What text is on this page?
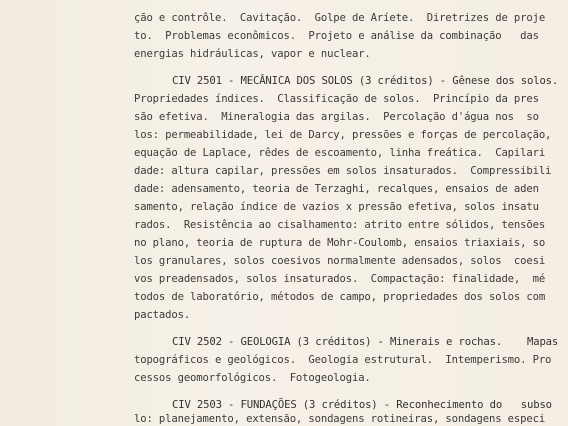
ção e contrôle.  Cavitação.  Golpe de Aríete.  Diretrizes de proje
to.  Problemas econômicos.  Projeto e análise da combinação   das
energias hidráulicas, vapor e nuclear.
CIV 2501 - MECÂNICA DOS SOLOS (3 créditos) - Gênese dos solos.
Propriedades índices.  Classificação de solos.  Princípio da pres
são efetiva.  Mineralogia das argilas.  Percolação d'água nos  so
los: permeabilidade, lei de Darcy, pressões e forças de percolação,
equação de Laplace, rêdes de escoamento, linha freática.  Capilari
dade: altura capilar, pressões em solos insaturados.  Compressibili
dade: adensamento, teoria de Terzaghi, recalques, ensaios de aden
samento, relação índice de vazios x pressão efetiva, solos insatu
rados.  Resistência ao cisalhamento: atrito entre sólidos, tensões
no plano, teoria de ruptura de Mohr-Coulomb, ensaios triaxiais, so
los granulares, solos coesivos normalmente adensados, solos  coesi
vos preadensados, solos insaturados.  Compactação: finalidade,  mé
todos de laboratório, métodos de campo, propriedades dos solos com
pactados.
CIV 2502 - GEOLOGIA (3 créditos) - Minerais e rochas.    Mapas
topográficos e geológicos.  Geologia estrutural.  Intemperismo. Pro
cessos geomorfológicos.  Fotogeologia.
CIV 2503 - FUNDAÇÕES (3 créditos) - Reconhecimento do   subso
lo: planejamento, extensão, sondagens rotineiras, sondagens especi
